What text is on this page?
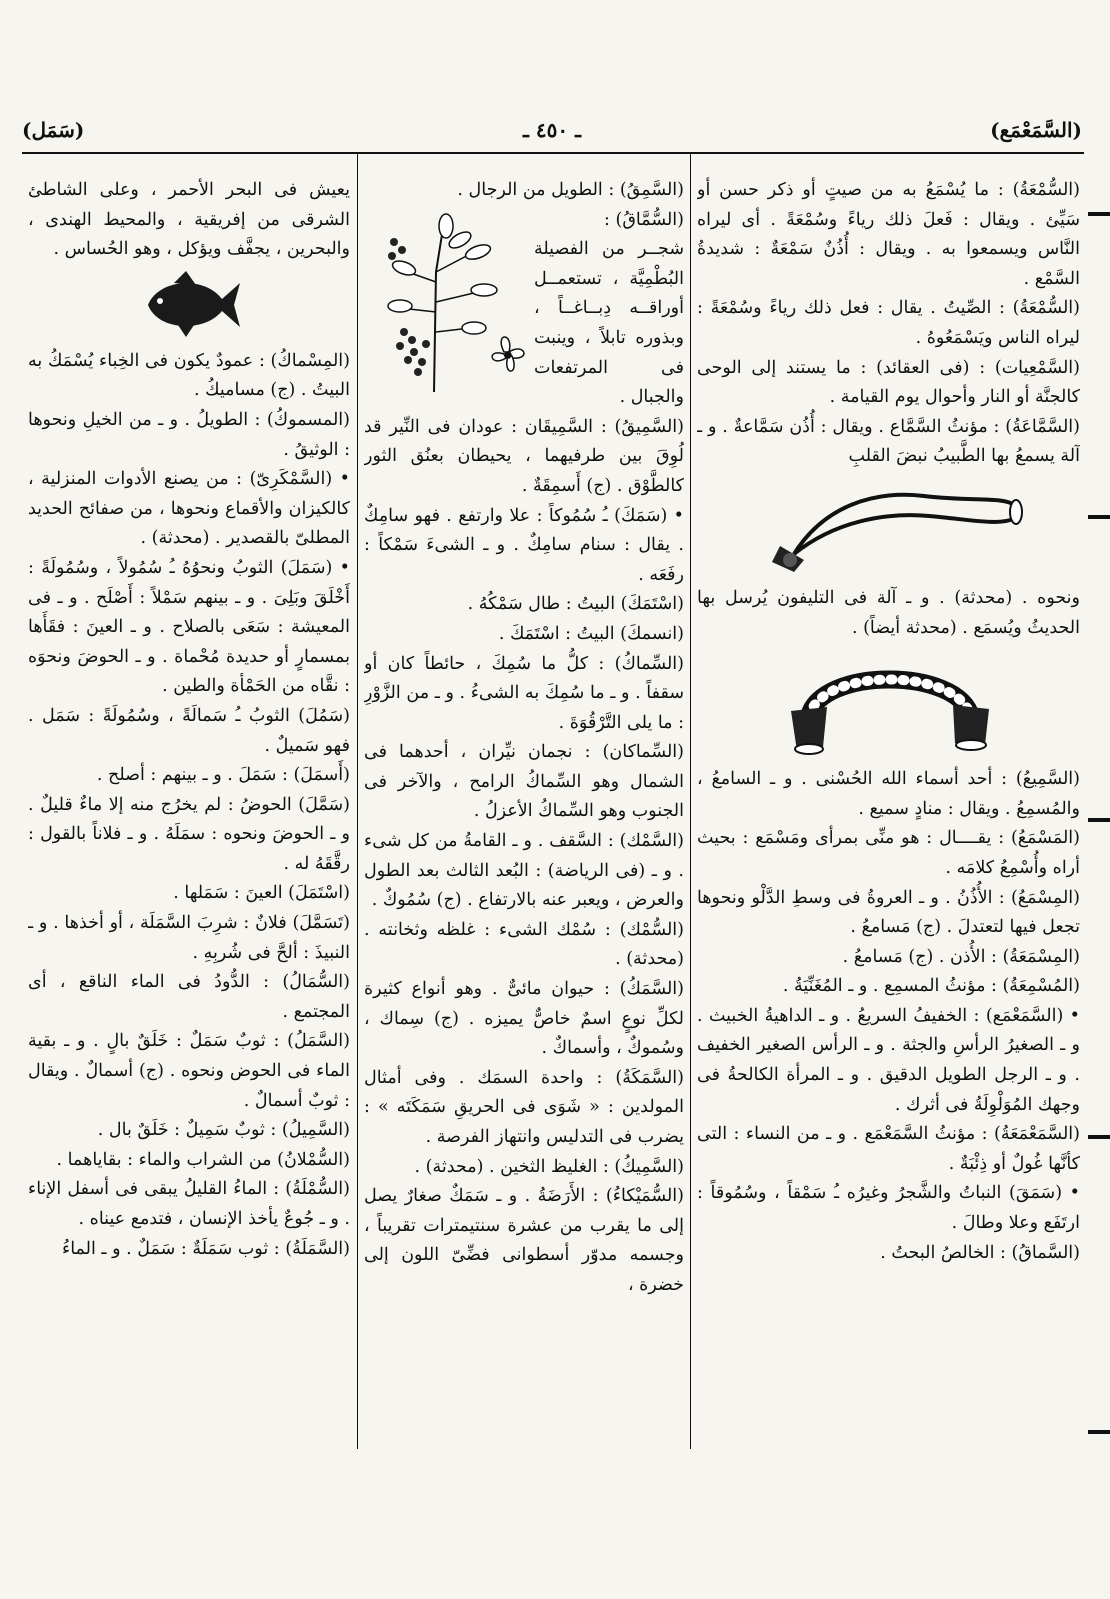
(السَّمَعْمَع)
ـ ٤٥٠ ـ
(سَمَل)

(السُّمْعَةُ) : ما يُسْمَعُ به من صيتٍ أو ذكر حسن أو سَيِّئ . ويقال : فَعلَ ذلك رياءً وسُمْعَةً . أى ليراه النَّاس ويسمعوا به . ويقال : أُذُنٌ سَمْعَةٌ : شديدةُ السَّمْع .

(السُّمْعَةُ) : الصِّيتُ . يقال : فعل ذلك رياءً وسُمْعَةً : ليراه الناس ويَسْمَعُوهُ .

(السَّمْعِيات) : (فى العقائد) : ما يستند إلى الوحى كالجنَّة أو النار وأحوال يوم القيامة .

(السَّمَّاعَةُ) : مؤنثُ السَّمَّاع . ويقال : أُذُن سَمَّاعةٌ . و ـ آلة يسمعُ بها الطَّبيبُ نبضَ القلبِ

ونحوه . (محدثة) . و ـ آلة فى التليفون يُرسل بها الحديثُ ويُسمَع . (محدثة أيضاً) .

(السَّمِيعُ) : أحد أسماء الله الحُسْنى . و ـ السامعُ ، والمُسمِعُ . ويقال : منادٍ سميع .

(المَسْمَعُ) : يقــــال : هو منِّى بمرأى ومَسْمَع : بحيث أراه وأُسْمِعُ كلامَه .

(المِسْمَعُ) : الأُذُنُ . و ـ العروةُ فى وسطِ الدَّلْو ونحوها تجعل فيها لتعتدلَ . (ج) مَسامعُ .

(المِسْمَعَةُ) : الأُذن . (ج) مَسامعُ .

(المُسْمِعَةُ) : مؤنثُ المسمِع . و ـ المُغَنِّيَةُ .

• (السَّمَعْمَع) : الخفيفُ السريعُ . و ـ الداهيةُ الخبيث . و ـ الصغيرُ الرأسِ والجثة . و ـ الرأس الصغير الخفيف . و ـ الرجل الطويل الدقيق . و ـ المرأة الكالحةُ فى وجهك المُوَلْوِلَةُ فى أثرك .

(السَّمَعْمَعَةُ) : مؤنثُ السَّمَعْمَع . و ـ من النساء : التى كأنَّها غُولٌ أو ذِئْبَةٌ .

• (سَمَقَ) النباتُ والشَّجرُ وغيرُه ـُ سَمْقاً ، وسُمُوقاً : ارتَفَع وعلا وطالَ .

(السَّماقُ) : الخالصُ البحتُ .

(السَّمِقُ) : الطويل من الرجال .

(السُّمَّاقُ) :

شجــر من الفصيلة البُطْمِيَّة ، تستعمــل أوراقــه دِبــاغــاً ، وبذوره تابلاً ، وينبت فى المرتفعات والجبال .

(السَّمِيقُ) : السَّمِيقَان : عودان فى النِّير قد لُوِقَ بين طرفيهما ، يحيطان بعنُق الثور كالطَّوْق . (ج) أَسمِقَةٌ .

• (سَمَكَ) ـُ سُمُوكاً : علا وارتفع . فهو سامِكٌ . يقال : سنام سامِكٌ . و ـ الشىءَ سَمْكاً : رفَعَه .

(اسْتَمَكَ) البيتُ : طال سَمْكُهُ .

(انسمكَ) البيتُ : اسْتَمَكَ .

(السِّماكُ) : كلُّ ما سُمِكَ ، حائطاً كان أو سقفاً . و ـ ما سُمِكَ به الشىءُ . و ـ من الزَّوْرِ : ما يلى التَّرْقُوَةَ .

(السِّماكان) : نجمان نيِّران ، أحدهما فى الشمال وهو السِّماكُ الرامح ، والآخر فى الجنوب وهو السِّماكُ الأعزلُ .

(السَّمْك) : السَّقف . و ـ القامةُ من كل شىء . و ـ (فى الرياضة) : البُعد الثالث بعد الطول والعرض ، ويعبر عنه بالارتفاع . (ج) سُمُوكٌ .

(السُّمْك) : سُمْك الشىء : غلظه وثخانته . (محدثة) .

(السَّمَكُ) : حيوان مائىٌّ . وهو أنواع كثيرة لكلِّ نوعٍ اسمٌ خاصٌّ يميزه . (ج) سِماك ، وسُموكٌ ، وأسماكٌ .

(السَّمَكَةُ) : واحدة السمَك . وفى أمثال المولدين : « شَوَى فى الحريقِ سَمَكَتَه » : يضرب فى التدليس وانتهاز الفرصة .

(السَّمِيكُ) : الغليظ الثخين . (محدثة) .

(السُّمَيْكاءُ) : الأَرَضَةُ . و ـ سَمَكٌ صغارٌ يصل إلى ما يقرب من عشرة سنتيمترات تقريباً ، وجسمه مدوّر أسطوانى فضِّىّ اللون إلى خضرة ،

يعيش فى البحر الأحمر ، وعلى الشاطئ الشرقى من إفريقية ، والمحيط الهندى ، والبحرين ، يجفَّف ويؤكل ، وهو الحُساس .

(المِسْماكُ) : عمودٌ يكون فى الخِباء يُسْمَكُ به البيتُ . (ج) مساميكُ .

(المسموكُ) : الطويلُ . و ـ من الخيلِ ونحوها : الوثيقُ .

• (السَّمْكَرِىّ) : من يصنع الأدوات المنزلية ، كالكيزان والأقماع ونحوها ، من صفائح الحديد المطلىّ بالقصدير . (محدثة) .

• (سَمَلَ) الثوبُ ونحوُهُ ـُ سُمُولاً ، وسُمُولَةً : أَخْلَقَ وبَلِىَ . و ـ بينهم سَمْلاً : أَصْلَح . و ـ فى المعيشة : سَعَى بالصلاح . و ـ العينَ : فقَأَها بمسمارٍ أو حديدة مُحْماة . و ـ الحوضَ ونحوَه : نقَّاه من الحَمْأة والطين .

(سَمُلَ) الثوبُ ـُ سَمالَةً ، وسُمُولَةً : سَمَل . فهو سَميلٌ .

(أَسمَلَ) : سَمَلَ . و ـ بينهم : أصلح .

(سَمَّلَ) الحوضُ : لم يخرُج منه إلا ماءٌ قليلٌ . و ـ الحوضَ ونحوه : سمَلَهُ . و ـ فلاناً بالقول : رقَّقَهُ له .

(اسْتَمَلَ) العينَ : سَمَلها .

(تَسَمَّلَ) فلانٌ : شرِبَ السَّمَلَة ، أو أخذها . و ـ النبيذَ : ألحَّ فى شُربِهِ .

(السُّمَالُ) : الدُّودُ فى الماء الناقع ، أى المجتمع .

(السَّمَلُ) : ثوبٌ سَمَلٌ : خَلَقٌ بالٍ . و ـ بقية الماء فى الحوض ونحوه . (ج) أسمالٌ . ويقال : ثوبٌ أسمالٌ .

(السَّمِيلُ) : ثوبٌ سَمِيلٌ : خَلَقٌ بال .

(السُّمْلانُ) من الشراب والماء : بقاياهما .

(السُّمْلَةُ) : الماءُ القليلُ يبقى فى أسفل الإناء . و ـ جُوعٌ يأخذ الإنسان ، فتدمع عيناه .

(السَّمَلَةُ) : ثوب سَمَلَةٌ : سَمَلٌ . و ـ الماءُ
